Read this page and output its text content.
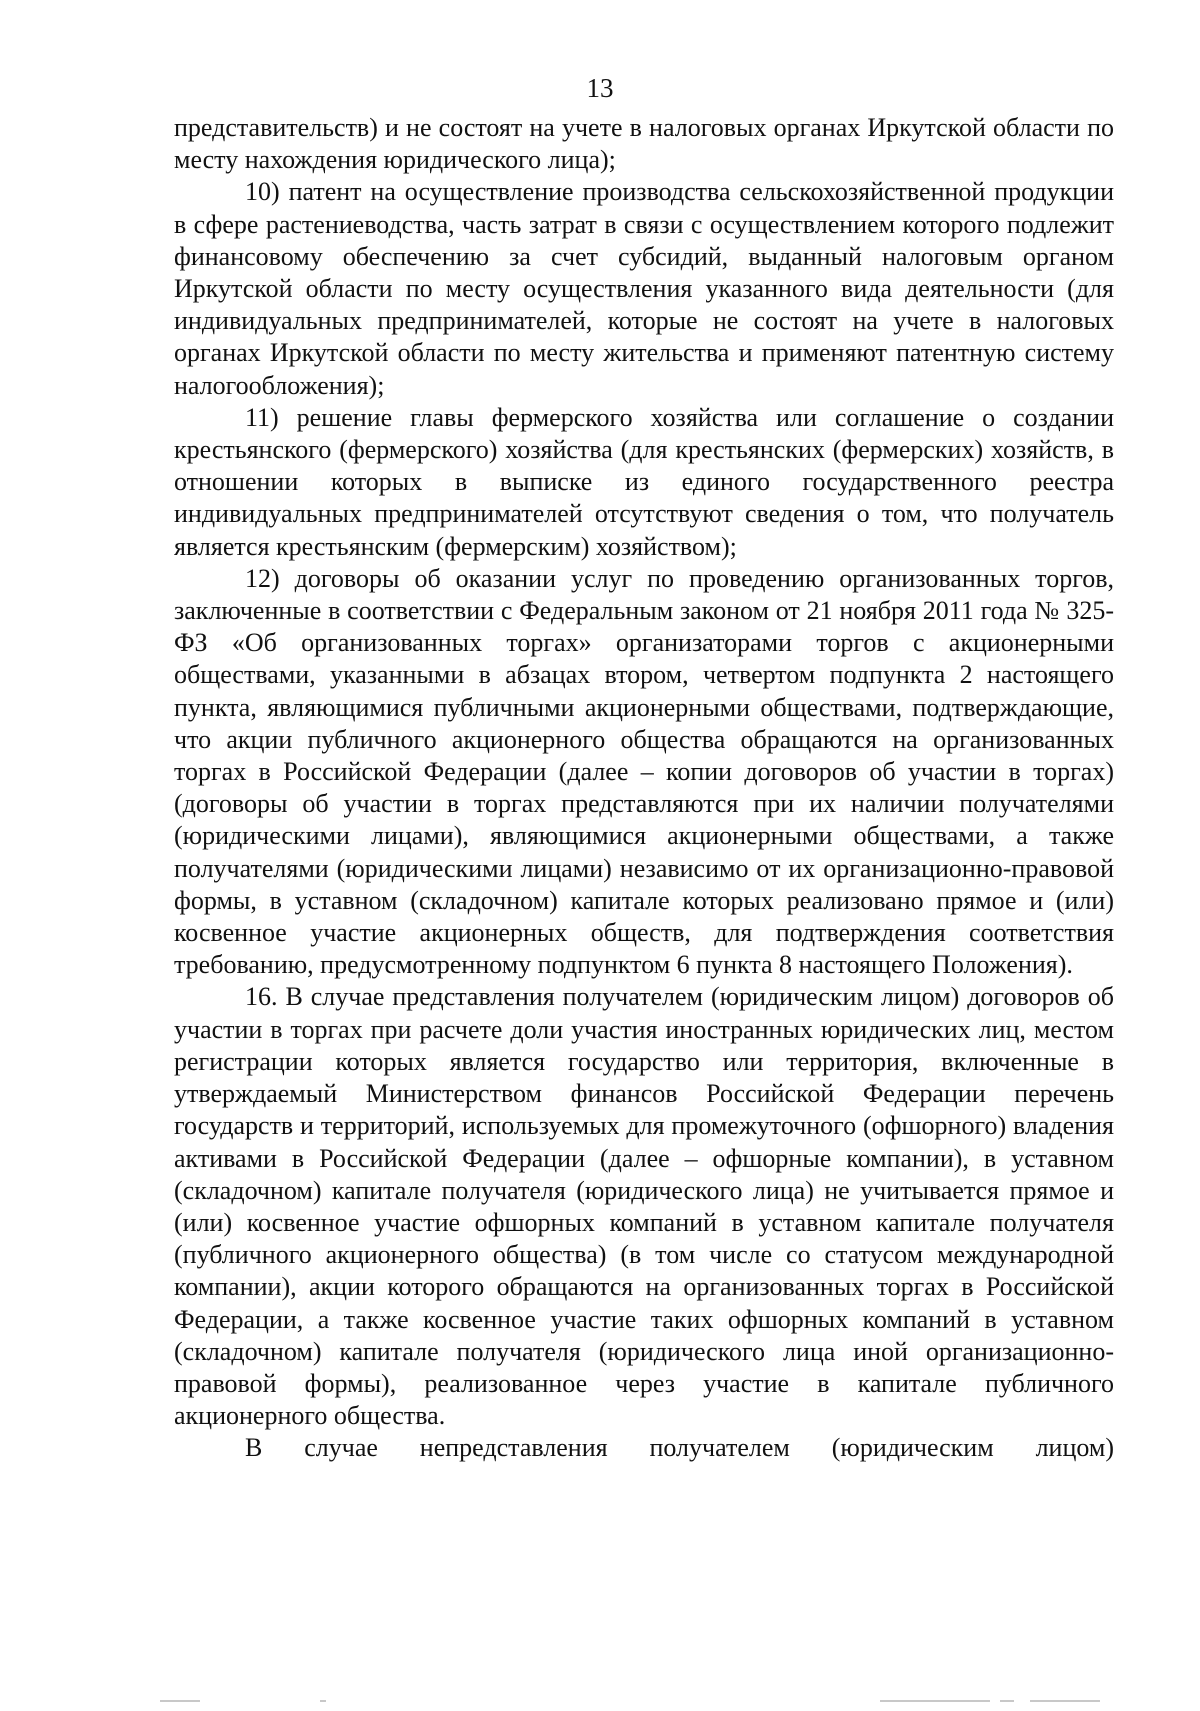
13

представительств) и не состоят на учете в налоговых органах Иркутской области по месту нахождения юридического лица);

10) патент на осуществление производства сельскохозяйственной продукции в сфере растениеводства, часть затрат в связи с осуществлением которого подлежит финансовому обеспечению за счет субсидий, выданный налоговым органом Иркутской области по месту осуществления указанного вида деятельности (для индивидуальных предпринимателей, которые не состоят на учете в налоговых органах Иркутской области по месту жительства и применяют патентную систему налогообложения);

11) решение главы фермерского хозяйства или соглашение о создании крестьянского (фермерского) хозяйства (для крестьянских (фермерских) хозяйств, в отношении которых в выписке из единого государственного реестра индивидуальных предпринимателей отсутствуют сведения о том, что получатель является крестьянским (фермерским) хозяйством);

12) договоры об оказании услуг по проведению организованных торгов, заключенные в соответствии с Федеральным законом от 21 ноября 2011 года № 325-ФЗ «Об организованных торгах» организаторами торгов с акционерными обществами, указанными в абзацах втором, четвертом подпункта 2 настоящего пункта, являющимися публичными акционерными обществами, подтверждающие, что акции публичного акционерного общества обращаются на организованных торгах в Российской Федерации (далее – копии договоров об участии в торгах) (договоры об участии в торгах представляются при их наличии получателями (юридическими лицами), являющимися акционерными обществами, а также получателями (юридическими лицами) независимо от их организационно-правовой формы, в уставном (складочном) капитале которых реализовано прямое и (или) косвенное участие акционерных обществ, для подтверждения соответствия требованию, предусмотренному подпунктом 6 пункта 8 настоящего Положения).

16. В случае представления получателем (юридическим лицом) договоров об участии в торгах при расчете доли участия иностранных юридических лиц, местом регистрации которых является государство или территория, включенные в утверждаемый Министерством финансов Российской Федерации перечень государств и территорий, используемых для промежуточного (офшорного) владения активами в Российской Федерации (далее – офшорные компании), в уставном (складочном) капитале получателя (юридического лица) не учитывается прямое и (или) косвенное участие офшорных компаний в уставном капитале получателя (публичного акционерного общества) (в том числе со статусом международной компании), акции которого обращаются на организованных торгах в Российской Федерации, а также косвенное участие таких офшорных компаний в уставном (складочном) капитале получателя (юридического лица иной организационно-правовой формы), реализованное через участие в капитале публичного акционерного общества.

В случае непредставления получателем (юридическим лицом)
